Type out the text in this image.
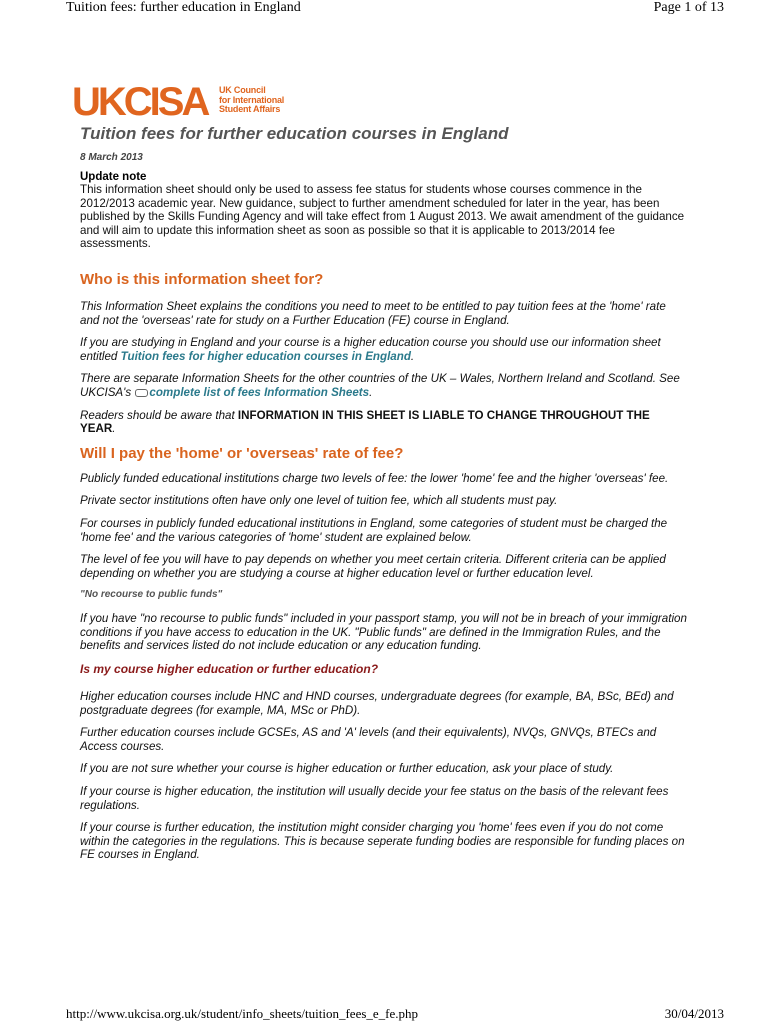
Tuition fees: further education in England	Page 1 of 13
UKCISA UK Council
for International
Student Affairs
Tuition fees for further education courses in England
8 March 2013
Update note

This information sheet should only be used to assess fee status for students whose courses commence in the 2012/2013 academic year. New guidance, subject to further amendment scheduled for later in the year, has been published by the Skills Funding Agency and will take effect from 1 August 2013. We await amendment of the guidance and will aim to update this information sheet as soon as possible so that it is applicable to 2013/2014 fee assessments.

Who is this information sheet for?

This Information Sheet explains the conditions you need to meet to be entitled to pay tuition fees at the 'home' rate and not the 'overseas' rate for study on a Further Education (FE) course in England.

If you are studying in England and your course is a higher education course you should use our information sheet entitled Tuition fees for higher education courses in England.

There are separate Information Sheets for the other countries of the UK – Wales, Northern Ireland and Scotland. See UKCISA's complete list of fees Information Sheets.

Readers should be aware that INFORMATION IN THIS SHEET IS LIABLE TO CHANGE THROUGHOUT THE YEAR.

Will I pay the 'home' or 'overseas' rate of fee?

Publicly funded educational institutions charge two levels of fee: the lower 'home' fee and the higher 'overseas' fee.

Private sector institutions often have only one level of tuition fee, which all students must pay.

For courses in publicly funded educational institutions in England, some categories of student must be charged the 'home fee' and the various categories of 'home' student are explained below.

The level of fee you will have to pay depends on whether you meet certain criteria. Different criteria can be applied depending on whether you are studying a course at higher education level or further education level.

"No recourse to public funds"

If you have "no recourse to public funds" included in your passport stamp, you will not be in breach of your immigration conditions if you have access to education in the UK. "Public funds" are defined in the Immigration Rules, and the benefits and services listed do not include education or any education funding.

Is my course higher education or further education?

Higher education courses include HNC and HND courses, undergraduate degrees (for example, BA, BSc, BEd) and postgraduate degrees (for example, MA, MSc or PhD).

Further education courses include GCSEs, AS and 'A' levels (and their equivalents), NVQs, GNVQs, BTECs and Access courses.

If you are not sure whether your course is higher education or further education, ask your place of study.

If your course is higher education, the institution will usually decide your fee status on the basis of the relevant fees regulations.

If your course is further education, the institution might consider charging you 'home' fees even if you do not come within the categories in the regulations. This is because seperate funding bodies are responsible for funding places on FE courses in England.

http://www.ukcisa.org.uk/student/info_sheets/tuition_fees_e_fe.php	30/04/2013
